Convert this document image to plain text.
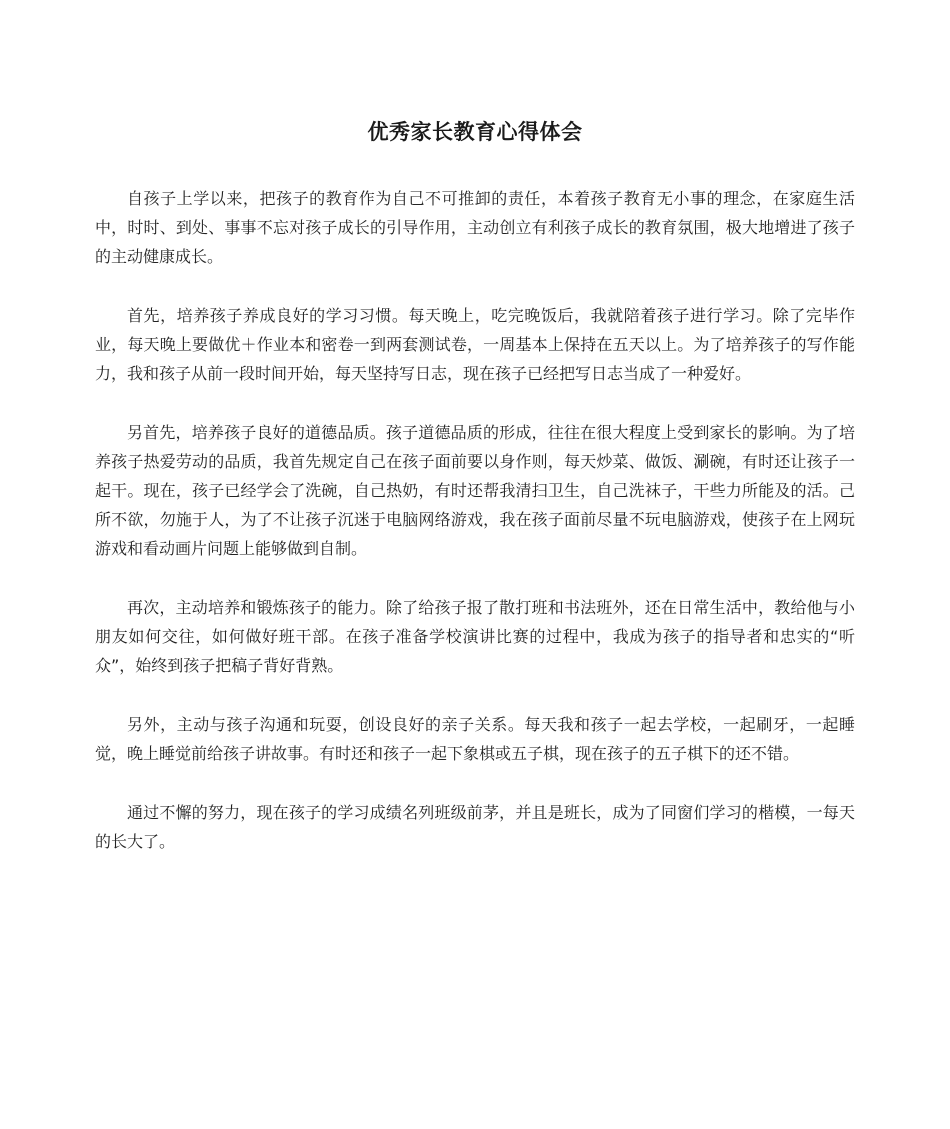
优秀家长教育心得体会

自孩子上学以来，把孩子的教育作为自己不可推卸的责任，本着孩子教育无小事的理念，在家庭生活中，时时、到处、事事不忘对孩子成长的引导作用，主动创立有利孩子成长的教育氛围，极大地增进了孩子的主动健康成长。

首先，培养孩子养成良好的学习习惯。每天晚上，吃完晚饭后，我就陪着孩子进行学习。除了完毕作业，每天晚上要做优＋作业本和密卷一到两套测试卷，一周基本上保持在五天以上。为了培养孩子的写作能力，我和孩子从前一段时间开始，每天坚持写日志，现在孩子已经把写日志当成了一种爱好。

另首先，培养孩子良好的道德品质。孩子道德品质的形成，往往在很大程度上受到家长的影响。为了培养孩子热爱劳动的品质，我首先规定自己在孩子面前要以身作则，每天炒菜、做饭、涮碗，有时还让孩子一起干。现在，孩子已经学会了洗碗，自己热奶，有时还帮我清扫卫生，自己洗袜子，干些力所能及的活。己所不欲，勿施于人，为了不让孩子沉迷于电脑网络游戏，我在孩子面前尽量不玩电脑游戏，使孩子在上网玩游戏和看动画片问题上能够做到自制。

再次，主动培养和锻炼孩子的能力。除了给孩子报了散打班和书法班外，还在日常生活中，教给他与小朋友如何交往，如何做好班干部。在孩子准备学校演讲比赛的过程中，我成为孩子的指导者和忠实的“听众”，始终到孩子把稿子背好背熟。

另外，主动与孩子沟通和玩耍，创设良好的亲子关系。每天我和孩子一起去学校，一起刷牙，一起睡觉，晚上睡觉前给孩子讲故事。有时还和孩子一起下象棋或五子棋，现在孩子的五子棋下的还不错。

通过不懈的努力，现在孩子的学习成绩名列班级前茅，并且是班长，成为了同窗们学习的楷模，一每天的长大了。
